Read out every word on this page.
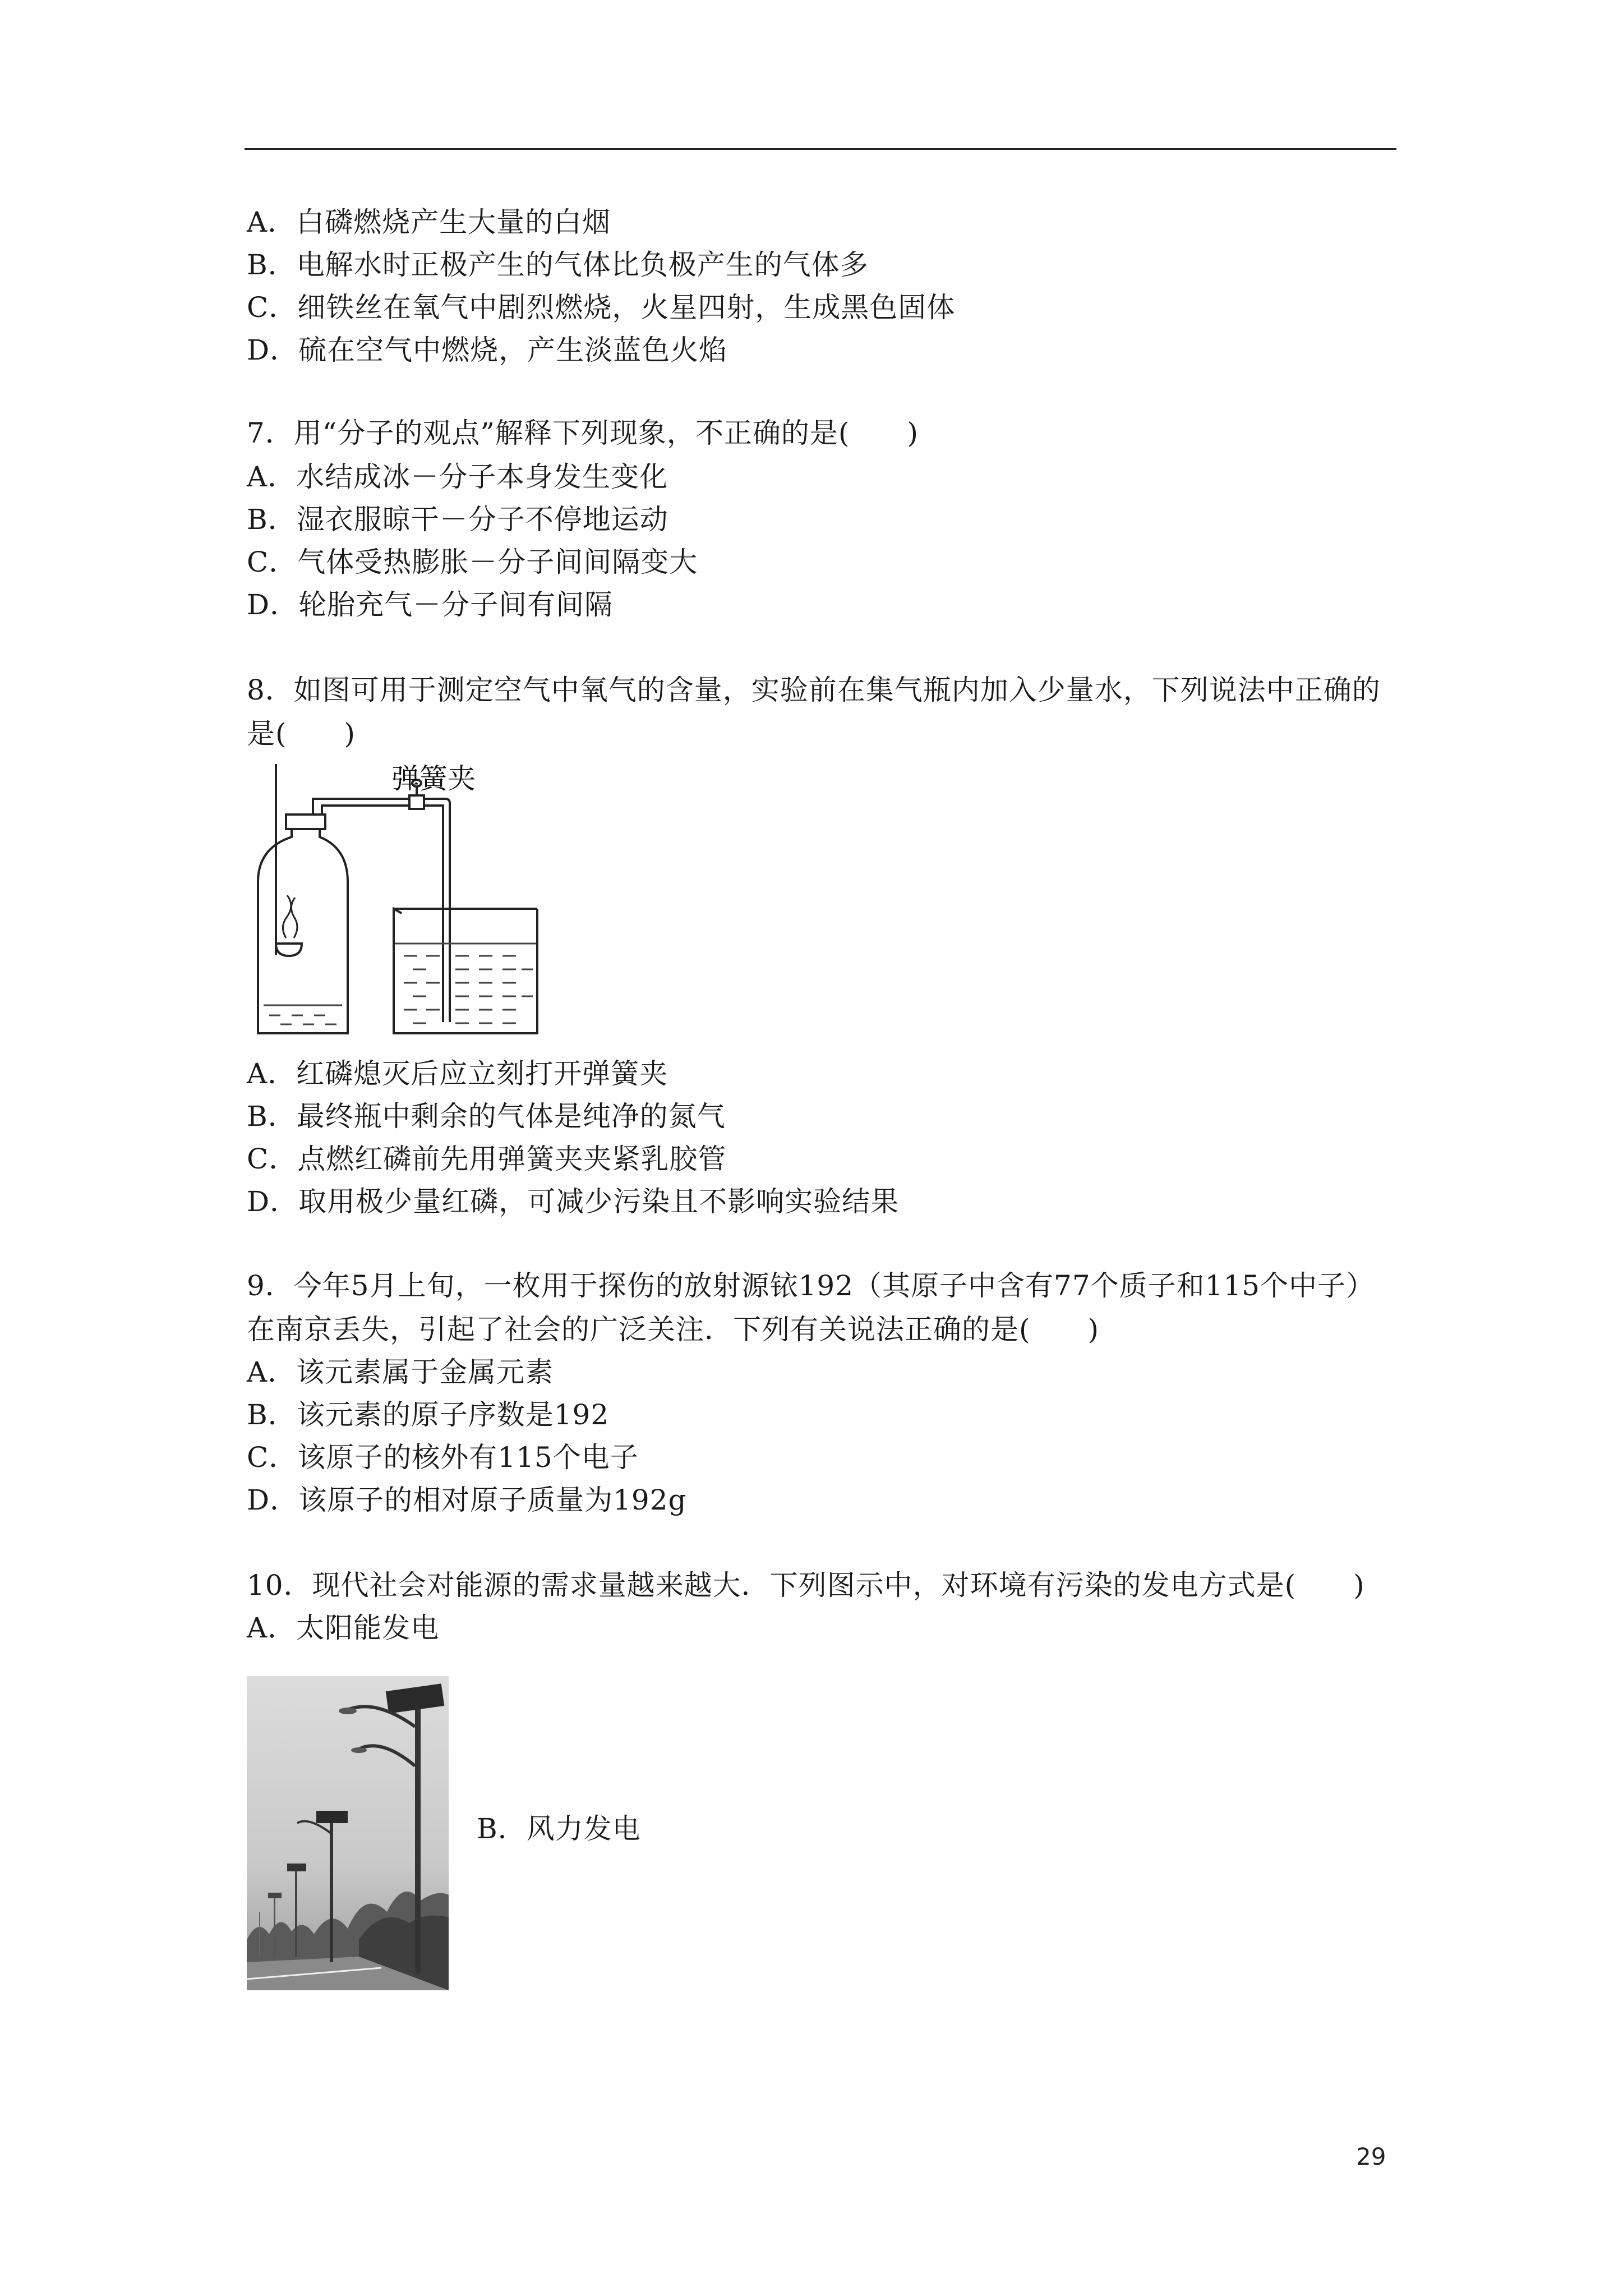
A．白磷燃烧产生大量的白烟
B．电解水时正极产生的气体比负极产生的气体多
C．细铁丝在氧气中剧烈燃烧，火星四射，生成黑色固体
D．硫在空气中燃烧，产生淡蓝色火焰
7．用“分子的观点”解释下列现象，不正确的是(　　)
A．水结成冰－分子本身发生变化
B．湿衣服晾干－分子不停地运动
C．气体受热膨胀－分子间间隔变大
D．轮胎充气－分子间有间隔
8．如图可用于测定空气中氧气的含量，实验前在集气瓶内加入少量水，下列说法中正确的
是(　　)
弹簧夹
A．红磷熄灭后应立刻打开弹簧夹
B．最终瓶中剩余的气体是纯净的氮气
C．点燃红磷前先用弹簧夹夹紧乳胶管
D．取用极少量红磷，可减少污染且不影响实验结果
9．今年5月上旬，一枚用于探伤的放射源铱192（其原子中含有77个质子和115个中子）
在南京丢失，引起了社会的广泛关注．下列有关说法正确的是(　　)
A．该元素属于金属元素
B．该元素的原子序数是192
C．该原子的核外有115个电子
D．该原子的相对原子质量为192g
10．现代社会对能源的需求量越来越大．下列图示中，对环境有污染的发电方式是(　　)
A．太阳能发电
B．风力发电
29
